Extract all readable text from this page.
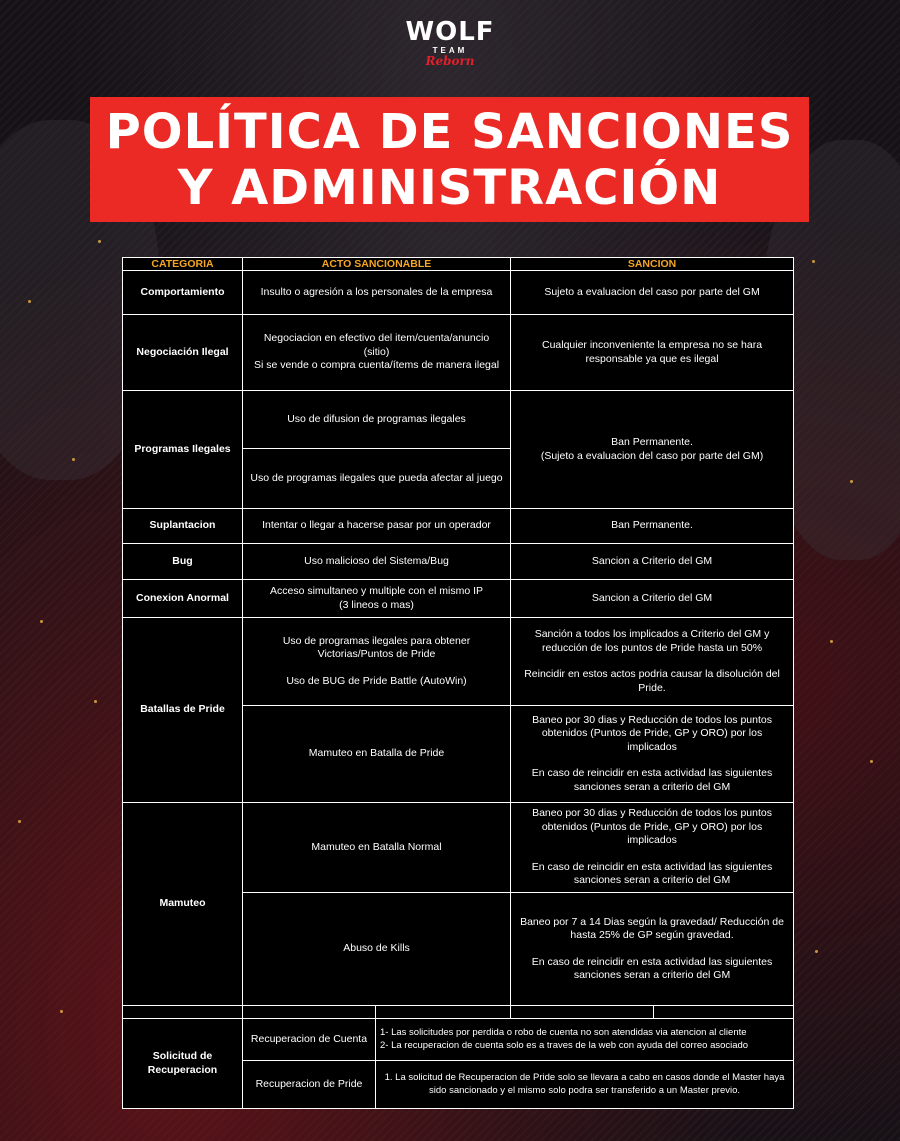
WOLF
TEAM
Reborn
POLÍTICA DE SANCIONES
Y ADMINISTRACIÓN
CATEGORIA	ACTO SANCIONABLE		SANCION	
Comportamiento	Insulto o agresión a los personales de la empresa		Sujeto a evaluacion del caso por parte del GM	
Negociación Ilegal	Negociacion en efectivo del item/cuenta/anuncio
(sitio)
Si se vende o compra cuenta/ítems de manera ilegal		Cualquier inconveniente la empresa no se hara responsable ya que es ilegal	
Programas Ilegales	Uso de difusion de programas ilegales		Ban Permanente.
(Sujeto a evaluacion del caso por parte del GM)	

	Uso de programas ilegales que pueda afectar al juego			
Suplantacion	Intentar o llegar a hacerse pasar por un operador		Ban Permanente.	
Bug	Uso malicioso del Sistema/Bug		Sancion a Criterio del GM	
Conexion Anormal	Acceso simultaneo y multiple con el mismo IP
(3 lineos o mas)		Sancion a Criterio del GM	
Batallas de Pride	Uso de programas ilegales para obtener Victorias/Puntos de Pride
Uso de BUG de Pride Battle (AutoWin)		Sanción a todos los implicados a Criterio del GM y reducción de los puntos de Pride hasta un 50%
Reincidir en estos actos podria causar la disolución del Pride.	

	Mamuteo en Batalla de Pride		Baneo por 30 dias y Reducción de todos los puntos obtenidos (Puntos de Pride, GP y ORO) por los implicados
En caso de reincidir en esta actividad las siguientes sanciones seran a criterio del GM	

Mamuteo	Mamuteo en Batalla Normal		Baneo por 30 dias y Reducción de todos los puntos obtenidos (Puntos de Pride, GP y ORO) por los implicados
En caso de reincidir en esta actividad las siguientes sanciones seran a criterio del GM	

	Abuso de Kills		Baneo por 7 a 14 Dias según la gravedad/ Reducción de hasta 25% de GP según gravedad.
En caso de reincidir en esta actividad las siguientes sanciones seran a criterio del GM	

Solicitud de Recuperacion	Recuperacion de Cuenta	1- Las solicitudes por perdida o robo de cuenta no son atendidas via atencion al cliente
2- La recuperacion de cuenta solo es a traves de la web con ayuda del correo asociado		

	Recuperacion de Pride	1. La solicitud de Recuperacion de Pride solo se llevara a cabo en casos donde el Master haya sido sancionado y el mismo solo podra ser transferido a un Master previo.		
